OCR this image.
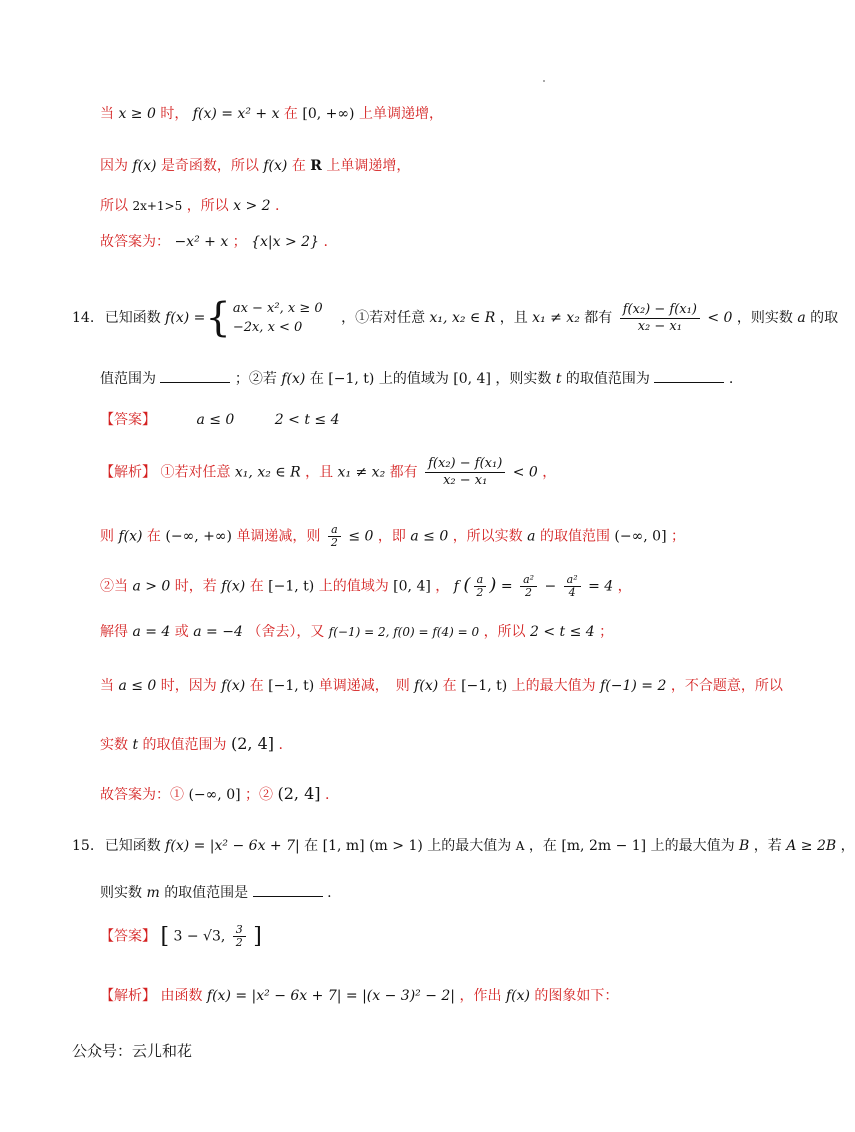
当 x ≥ 0 时， f(x) = x² + x 在 [0, +∞) 上单调递增，
因为 f(x) 是奇函数，所以 f(x) 在 R 上单调递增，
所以 2x+1>5 ，所以 x > 2 .
故答案为： −x² + x ； {x|x > 2} .
14. 已知函数 f(x) = { ax − x², x ≥ 0
−2x, x < 0
，①若对任意 x₁, x₂ ∈ R ，且 x₁ ≠ x₂ 都有 $\frac{\text{f(x₂) − f(x₁)}}{\text{x₂ − x₁}} < 0$ ，则实数 a 的取
值范围为	；②若 f(x) 在 [−1, t) 上的值域为 [0, 4] ，则实数 t 的取值范围为	.
【答案】	a ≤ 0	2 < t ≤ 4
【解析】 ①若对任意 x₁, x₂ ∈ R ，且 x₁ ≠ x₂ 都有 $\frac{\text{f(x₂) − f(x₁)}}{\text{x₂ − x₁}} < 0$ ，
则 f(x) 在 (−∞, +∞) 单调递减，则 $\frac{a}{2} \le 0$ ，即 a ≤ 0 ，所以实数 a 的取值范围 (−∞, 0] ；
②当 a > 0 时，若 f(x) 在 [−1, t) 上的值域为 [0, 4] ， f ( $\frac{a}{2}$ ) = $\frac{\text{a²}}{2} - \frac{\text{a²}}{4} = 4$ ，
解得 a = 4 或 a = −4 （舍去），又 f(−1) = 2, f(0) = f(4) = 0 ，所以 2 < t ≤ 4 ；
当 a ≤ 0 时，因为 f(x) 在 [−1, t) 单调递减，　则 f(x) 在 [−1, t) 上的最大值为 f(−1) = 2 ，不合题意，所以
实数 t 的取值范围为 (2, 4] .
故答案为：① (−∞, 0] ；② (2, 4] .
15. 已知函数 f(x) = |x² − 6x + 7| 在 [1, m] (m > 1) 上的最大值为 A ，在 [m, 2m − 1] 上的最大值为 B ，若 A ≥ 2B ，
则实数 m 的取值范围是	.
【答案】 [ 3 − √3, $\frac{3}{2}$ ]
【解析】 由函数 f(x) = |x² − 6x + 7| = |(x − 3)² − 2| ，作出 f(x) 的图象如下：
公众号：云儿和花
